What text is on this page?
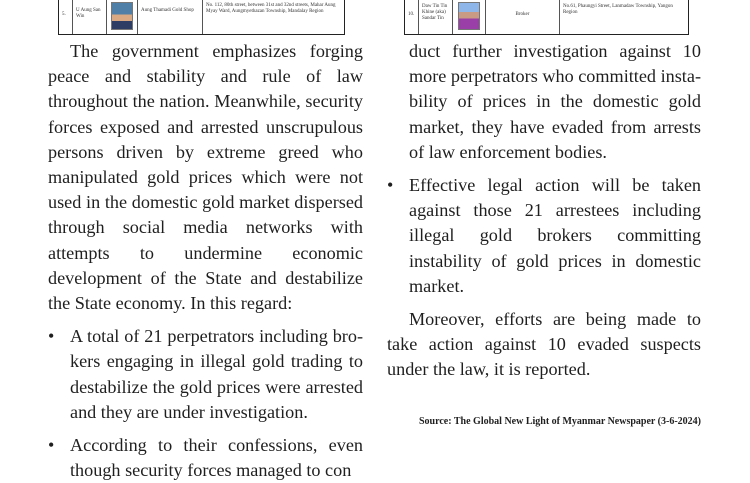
5.
U Aung San Win
Aung Thamadi Gold Shop
No. 112, 80th street, between 31st and 32nd streets, Mahar Aung Myay Ward, Aungmyethazan Township, Mandalay Region
10.
Daw Tin Tin Khine (aka) Sandar Tin
Broker
No.61, Phaungyi Street, Lanmadaw Township, Yangon Region

The government emphasizes forging peace and stability and rule of law throughout the nation. Meanwhile, security forces exposed and arrested unscrupulous persons driven by extreme greed who manipulated gold prices which were not used in the domestic gold market dispersed through social media networks with attempts to undermine economic development of the State and destabilize the State economy. In this regard:

• A total of 21 perpetrators including brokers engaging in illegal gold trading to destabilize the gold prices were arrested and they are under investigation.
• According to their confessions, even though security forces managed to con

duct further investigation against 10 more perpetrators who committed instability of prices in the domestic gold market, they have evaded from arrests of law enforcement bodies.

• Effective legal action will be taken against those 21 arrestees including illegal gold brokers committing instability of gold prices in domestic market.

Moreover, efforts are being made to take action against 10 evaded suspects under the law, it is reported.

Source: The Global New Light of Myanmar Newspaper (3-6-2024)
